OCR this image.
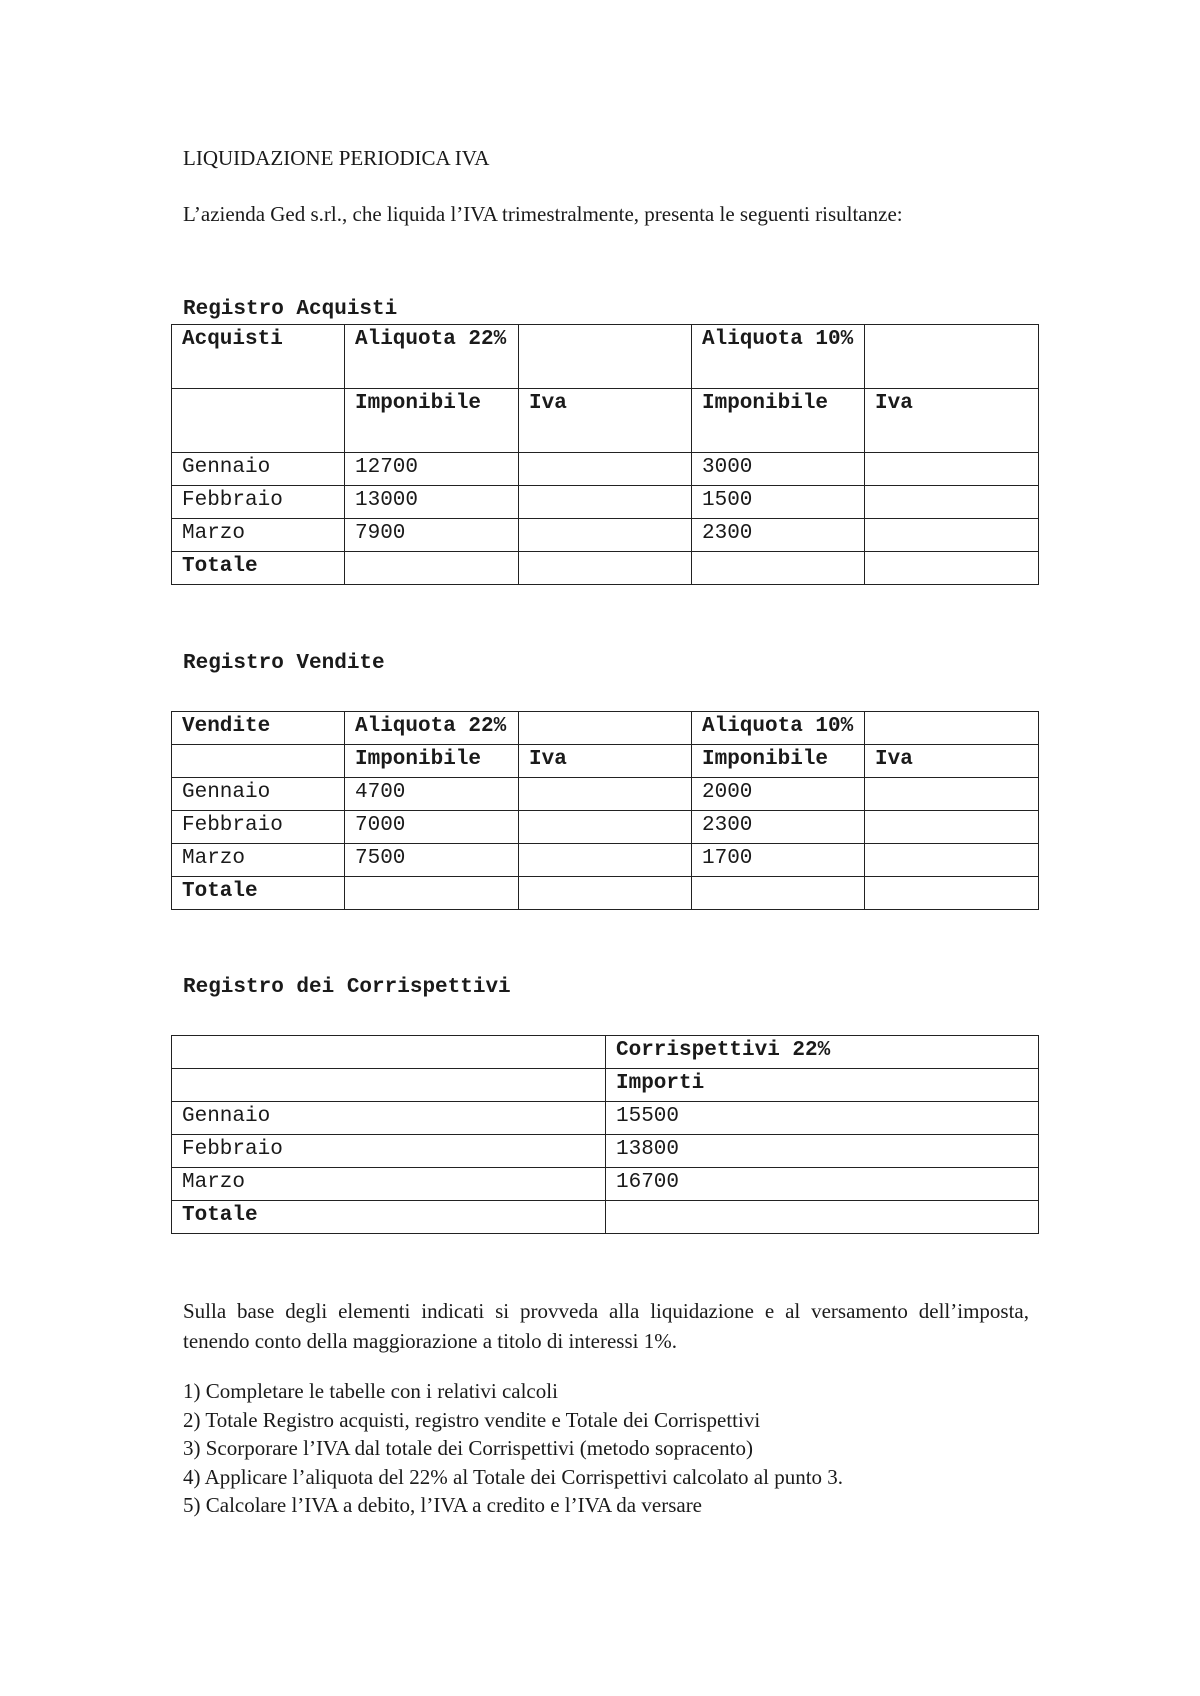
LIQUIDAZIONE PERIODICA IVA
L’azienda Ged s.rl., che liquida l’IVA trimestralmente, presenta le seguenti risultanze:
Registro Acquisti
Acquisti	Aliquota 22%		Aliquota 10%	
	Imponibile	Iva	Imponibile	Iva
Gennaio	12700		3000	
Febbraio	13000		1500	
Marzo	7900		2300	
Totale				
Registro Vendite
Vendite	Aliquota 22%		Aliquota 10%	
	Imponibile	Iva	Imponibile	Iva
Gennaio	4700		2000	
Febbraio	7000		2300	
Marzo	7500		1700	
Totale				
Registro dei Corrispettivi
	Corrispettivi 22%
	Importi
Gennaio	15500
Febbraio	13800
Marzo	16700
Totale	
Sulla base degli elementi indicati si provveda alla liquidazione e al versamento dell’imposta, tenendo conto della maggiorazione a titolo di interessi 1%.
1) Completare le tabelle con i relativi calcoli
2) Totale Registro acquisti, registro vendite e Totale dei Corrispettivi
3) Scorporare l’IVA dal totale dei Corrispettivi (metodo sopracento)
4) Applicare l’aliquota del 22% al Totale dei Corrispettivi calcolato al punto 3.
5) Calcolare l’IVA a debito, l’IVA a credito e l’IVA da versare
